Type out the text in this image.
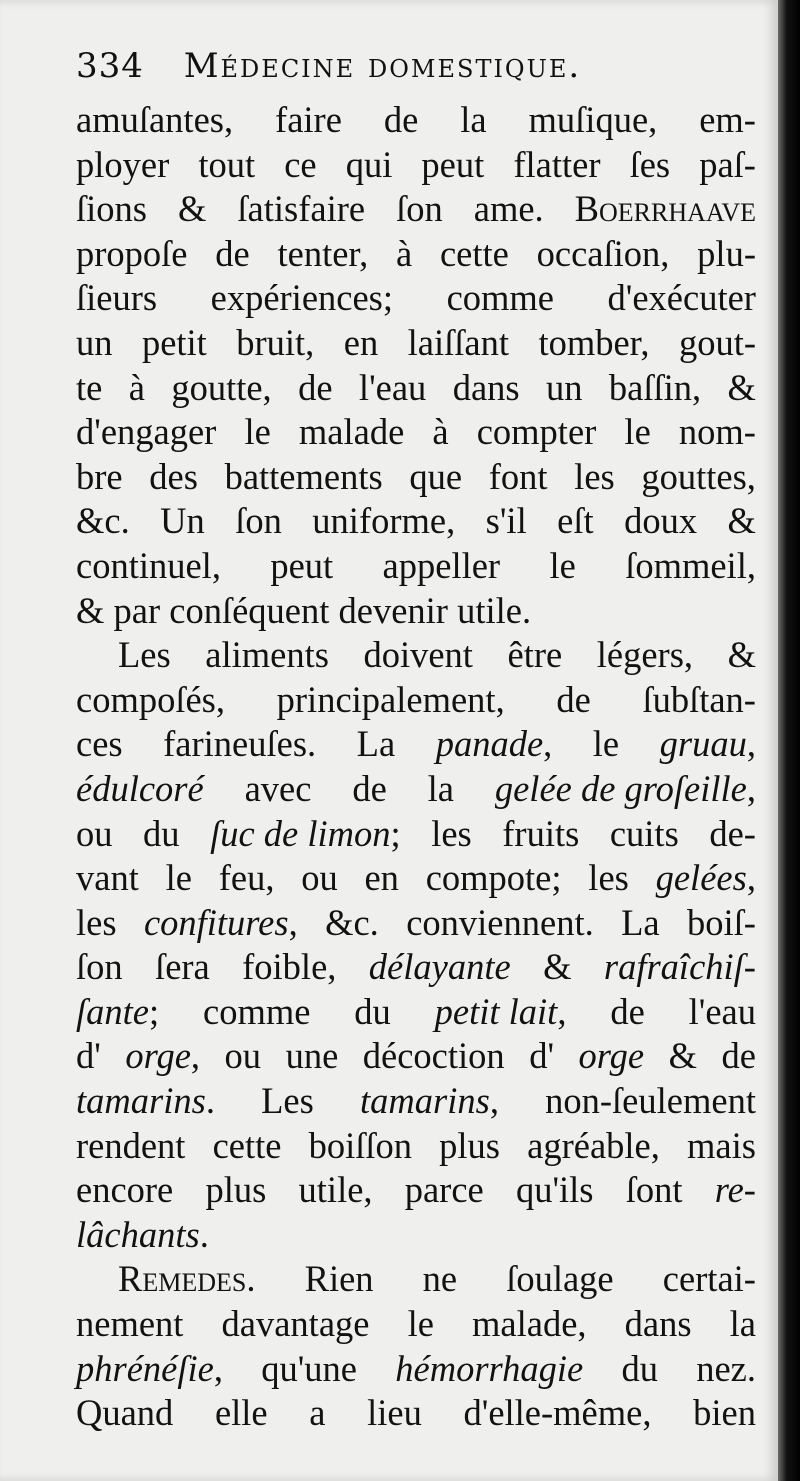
334 Médecine domestique.
amuſantes, faire de la muſique, em-
ployer tout ce qui peut flatter ſes paſ-
ſions & ſatisfaire ſon ame. Boerrhaave
propoſe de tenter, à cette occaſion, plu-
ſieurs expériences; comme d'exécuter
un petit bruit, en laiſſant tomber, gout-
te à goutte, de l'eau dans un baſſin, &
d'engager le malade à compter le nom-
bre des battements que font les gouttes,
&c. Un ſon uniforme, s'il eſt doux &
continuel, peut appeller le ſommeil,
& par conſéquent devenir utile.
Les aliments doivent être légers, &
compoſés, principalement, de ſubſtan-
ces farineuſes. La panade, le gruau,
édulcoré avec de la gelée de groſeille,
ou du ſuc de limon; les fruits cuits de-
vant le feu, ou en compote; les gelées,
les confitures, &c. conviennent. La boiſ-
ſon ſera foible, délayante & rafraîchiſ-
ſante; comme du petit lait, de l'eau
d' orge, ou une décoction d' orge & de
tamarins. Les tamarins, non-ſeulement
rendent cette boiſſon plus agréable, mais
encore plus utile, parce qu'ils ſont re-
lâchants .
Remedes. Rien ne ſoulage certai-
nement davantage le malade, dans la
phrénéſie, qu'une hémorrhagie du nez.
Quand elle a lieu d'elle-même, bien
